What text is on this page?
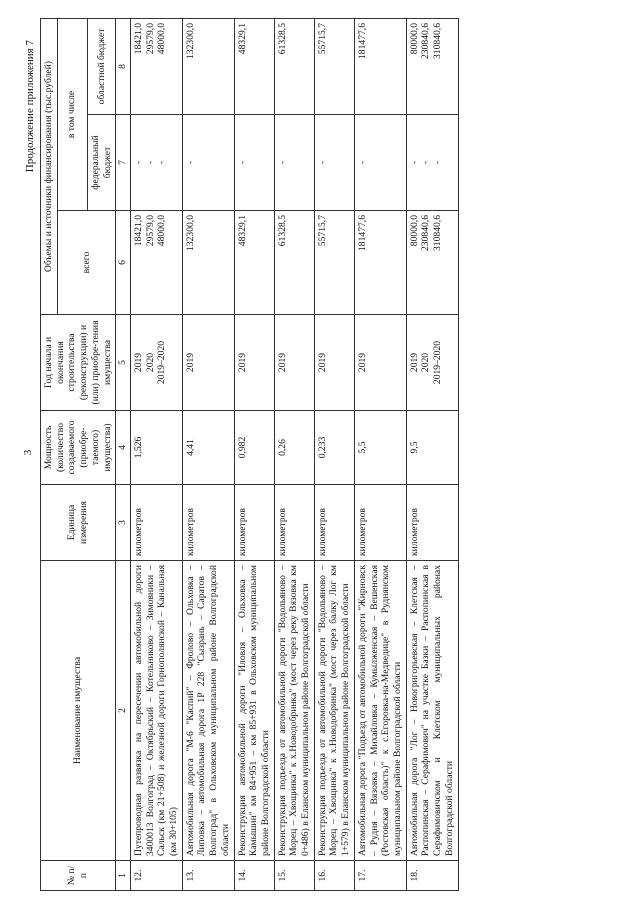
3
Продолжение приложения 7
№ п/п	Наименование имущества	Единица измерения	Мощность (количество создаваемого (приобре-таемого) имущества)	Год начала и окончания строительства (реконструкции) и (или) приобре-тения имущества	Объемы и источники финансирования (тыс.рублей)		
					всего	в том числе	
						федеральный бюджет	областной бюджет
1	2	3	4	5	6	7	8
12.	Путепроводная развязка на пересечении автомобильной дороги 3400013 Волгоград – Октябрьский – Котельниково – Зимовники – Сальск (км 21+508) и железной дороги Горнополянской – Канальная (км 30+105)	километров	1,526	2019 2020 2019–2020	18421,0 29579,0 48000,0	- - -	18421,0 29579,0 48000,0

13.	Автомобильная дорога "М-6 "Каспий" – Фролово – Ольховка – Липовка – автомобильная дорога 1Р 228 "Сызрань – Саратов – Волгоград" в Ольховском муниципальном районе Волгоградской области	километров	4,41	2019	132300,0	-	132300,0
14.	Реконструкция автомобильной дороги "Иловля – Ольховка – Камышин" км 84+951 – км 85+931 в Ольховском муниципальном районе Волгоградской области	километров	0,982	2019	48329,1	-	48329,1
15.	Реконструкция подъезда от автомобильной дороги "Водольяново – Морец – Хвощинка" к х.Новодобринка" (мост через реку Вязовка км 0+486) в Еланском муниципальном районе Волгоградской области	километров	0,26	2019	61328,5	-	61328,5
16.	Реконструкция подъезда от автомобильной дороги "Водольяново – Морец – Хвощинка" к х.Новодобринка" (мост через балку Лог км 1+579) в Еланском муниципальном районе Волгоградской области	километров	0,233	2019	55715,7	-	55715,7
17.	Автомобильная дорога "Подъезд от автомобильной дороги "Жирновск – Рудня – Вязовка – Михайловка – Кумылженская – Вешенская (Ростовская область)" к с.Егоровка-на-Медведице" в Руднянском муниципальном районе Волгоградской области	километров	5,5	2019	181477,6	-	181477,6
18.	Автомобильная дорога "Лог – Новогригорьевская – Клетская – Распопинская – Серафимович" на участке Базки – Распопинская в Серафимовичском и Клетском муниципальных районах Волгоградской области	километров	9,5	2019 2020 2019–2020	80000,0 230840,6 310840,6	- - -	80000,0 230840,6 310840,6
